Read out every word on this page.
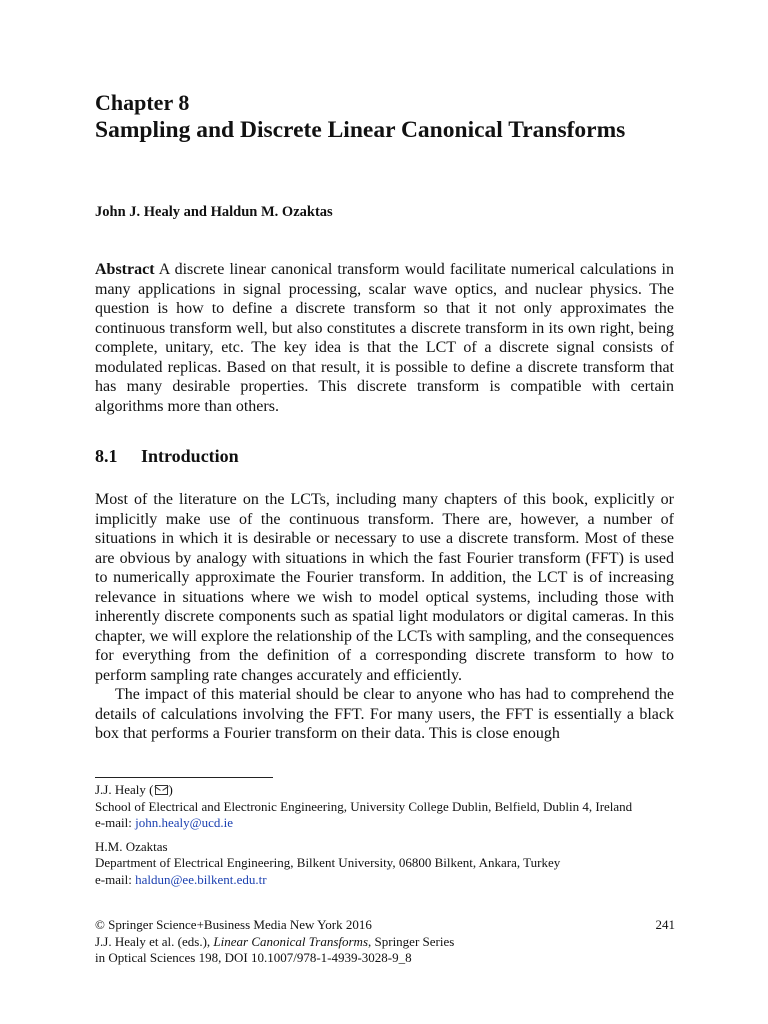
Chapter 8
Sampling and Discrete Linear Canonical Transforms
John J. Healy and Haldun M. Ozaktas
Abstract A discrete linear canonical transform would facilitate numerical calculations in many applications in signal processing, scalar wave optics, and nuclear physics. The question is how to define a discrete transform so that it not only approximates the continuous transform well, but also constitutes a discrete transform in its own right, being complete, unitary, etc. The key idea is that the LCT of a discrete signal consists of modulated replicas. Based on that result, it is possible to define a discrete transform that has many desirable properties. This discrete transform is compatible with certain algorithms more than others.
8.1 Introduction

Most of the literature on the LCTs, including many chapters of this book, explicitly or implicitly make use of the continuous transform. There are, however, a number of situations in which it is desirable or necessary to use a discrete transform. Most of these are obvious by analogy with situations in which the fast Fourier transform (FFT) is used to numerically approximate the Fourier transform. In addition, the LCT is of increasing relevance in situations where we wish to model optical systems, including those with inherently discrete components such as spatial light modulators or digital cameras. In this chapter, we will explore the relationship of the LCTs with sampling, and the consequences for everything from the definition of a corresponding discrete transform to how to perform sampling rate changes accurately and efficiently.

The impact of this material should be clear to anyone who has had to comprehend the details of calculations involving the FFT. For many users, the FFT is essentially a black box that performs a Fourier transform on their data. This is close enough

J.J. Healy ( )
School of Electrical and Electronic Engineering, University College Dublin, Belfield, Dublin 4, Ireland
e-mail: john.healy@ucd.ie
H.M. Ozaktas
Department of Electrical Engineering, Bilkent University, 06800 Bilkent, Ankara, Turkey
e-mail: haldun@ee.bilkent.edu.tr
241
© Springer Science+Business Media New York 2016
J.J. Healy et al. (eds.), Linear Canonical Transforms, Springer Series
in Optical Sciences 198, DOI 10.1007/978-1-4939-3028-9_8
